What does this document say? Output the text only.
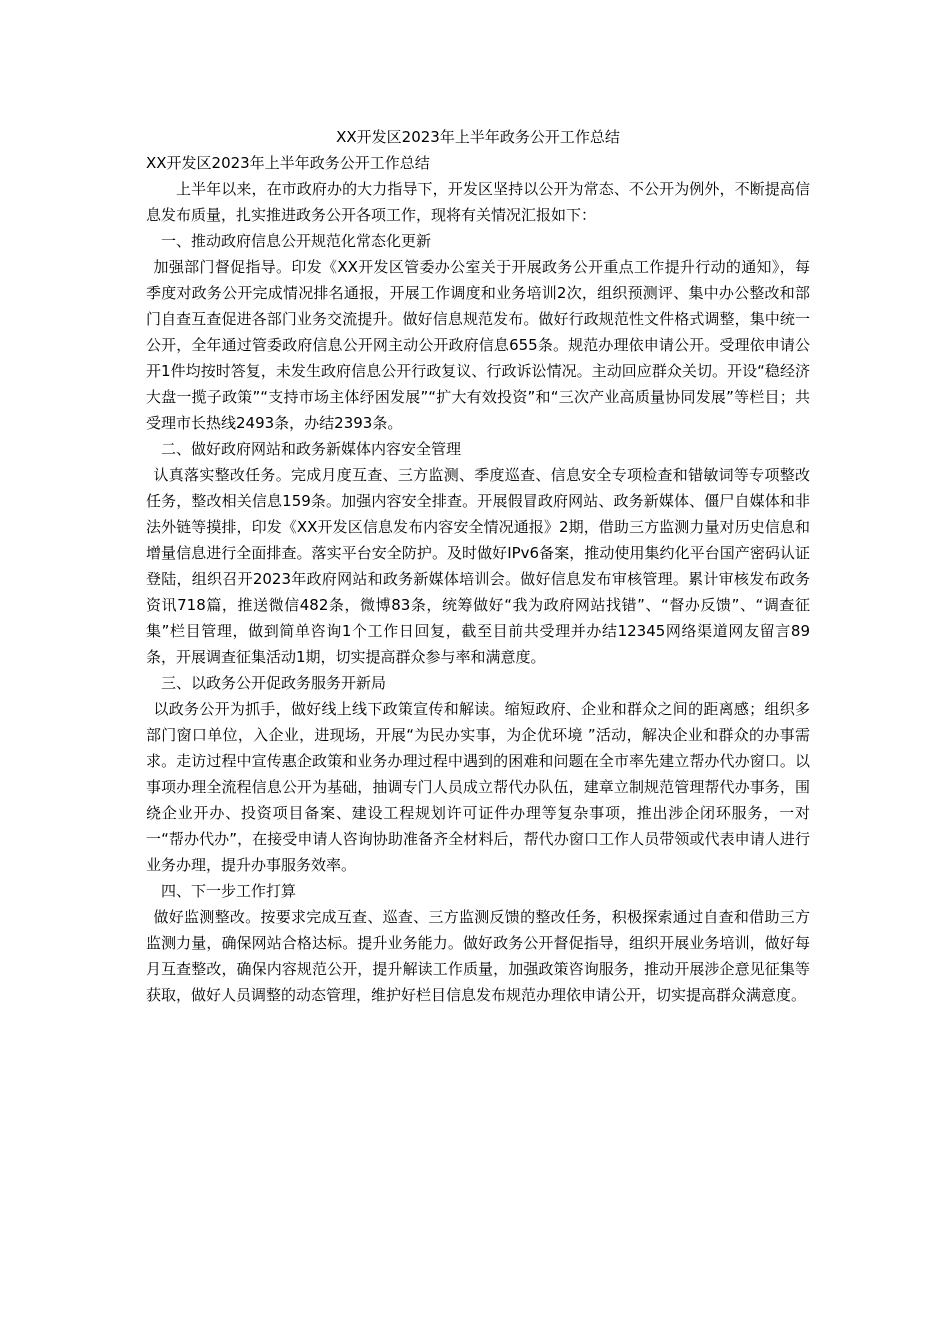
XX开发区2023年上半年政务公开工作总结

XX开发区2023年上半年政务公开工作总结

上半年以来，在市政府办的大力指导下，开发区坚持以公开为常态、不公开为例外，不断提高信息发布质量，扎实推进政务公开各项工作，现将有关情况汇报如下：

一、推动政府信息公开规范化常态化更新

加强部门督促指导。印发《XX开发区管委办公室关于开展政务公开重点工作提升行动的通知》，每季度对政务公开完成情况排名通报，开展工作调度和业务培训2次，组织预测评、集中办公整改和部门自查互查促进各部门业务交流提升。做好信息规范发布。做好行政规范性文件格式调整，集中统一公开，全年通过管委政府信息公开网主动公开政府信息655条。规范办理依申请公开。受理依申请公开1件均按时答复，未发生政府信息公开行政复议、行政诉讼情况。主动回应群众关切。开设“稳经济大盘一揽子政策”“支持市场主体纾困发展”“扩大有效投资”和“三次产业高质量协同发展”等栏目；共受理市长热线2493条，办结2393条。

二、做好政府网站和政务新媒体内容安全管理

认真落实整改任务。完成月度互查、三方监测、季度巡查、信息安全专项检查和错敏词等专项整改任务，整改相关信息159条。加强内容安全排查。开展假冒政府网站、政务新媒体、僵尸自媒体和非法外链等摸排，印发《XX开发区信息发布内容安全情况通报》2期，借助三方监测力量对历史信息和增量信息进行全面排查。落实平台安全防护。及时做好IPv6备案，推动使用集约化平台国产密码认证登陆，组织召开2023年政府网站和政务新媒体培训会。做好信息发布审核管理。累计审核发布政务资讯718篇，推送微信482条，微博83条，统筹做好“我为政府网站找错”、“督办反馈”、“调查征集”栏目管理，做到简单咨询1个工作日回复，截至目前共受理并办结12345网络渠道网友留言89条，开展调查征集活动1期，切实提高群众参与率和满意度。

三、以政务公开促政务服务开新局

以政务公开为抓手，做好线上线下政策宣传和解读。缩短政府、企业和群众之间的距离感；组织多部门窗口单位，入企业，进现场，开展“为民办实事，为企优环境 ”活动，解决企业和群众的办事需求。走访过程中宣传惠企政策和业务办理过程中遇到的困难和问题在全市率先建立帮办代办窗口。以事项办理全流程信息公开为基础，抽调专门人员成立帮代办队伍，建章立制规范管理帮代办事务，围绕企业开办、投资项目备案、建设工程规划许可证件办理等复杂事项，推出涉企闭环服务，一对一“帮办代办”，在接受申请人咨询协助准备齐全材料后，帮代办窗口工作人员带领或代表申请人进行业务办理，提升办事服务效率。

四、下一步工作打算

做好监测整改。按要求完成互查、巡查、三方监测反馈的整改任务，积极探索通过自查和借助三方监测力量，确保网站合格达标。提升业务能力。做好政务公开督促指导，组织开展业务培训，做好每月互查整改，确保内容规范公开，提升解读工作质量，加强政策咨询服务，推动开展涉企意见征集等获取，做好人员调整的动态管理，维护好栏目信息发布规范办理依申请公开，切实提高群众满意度。
